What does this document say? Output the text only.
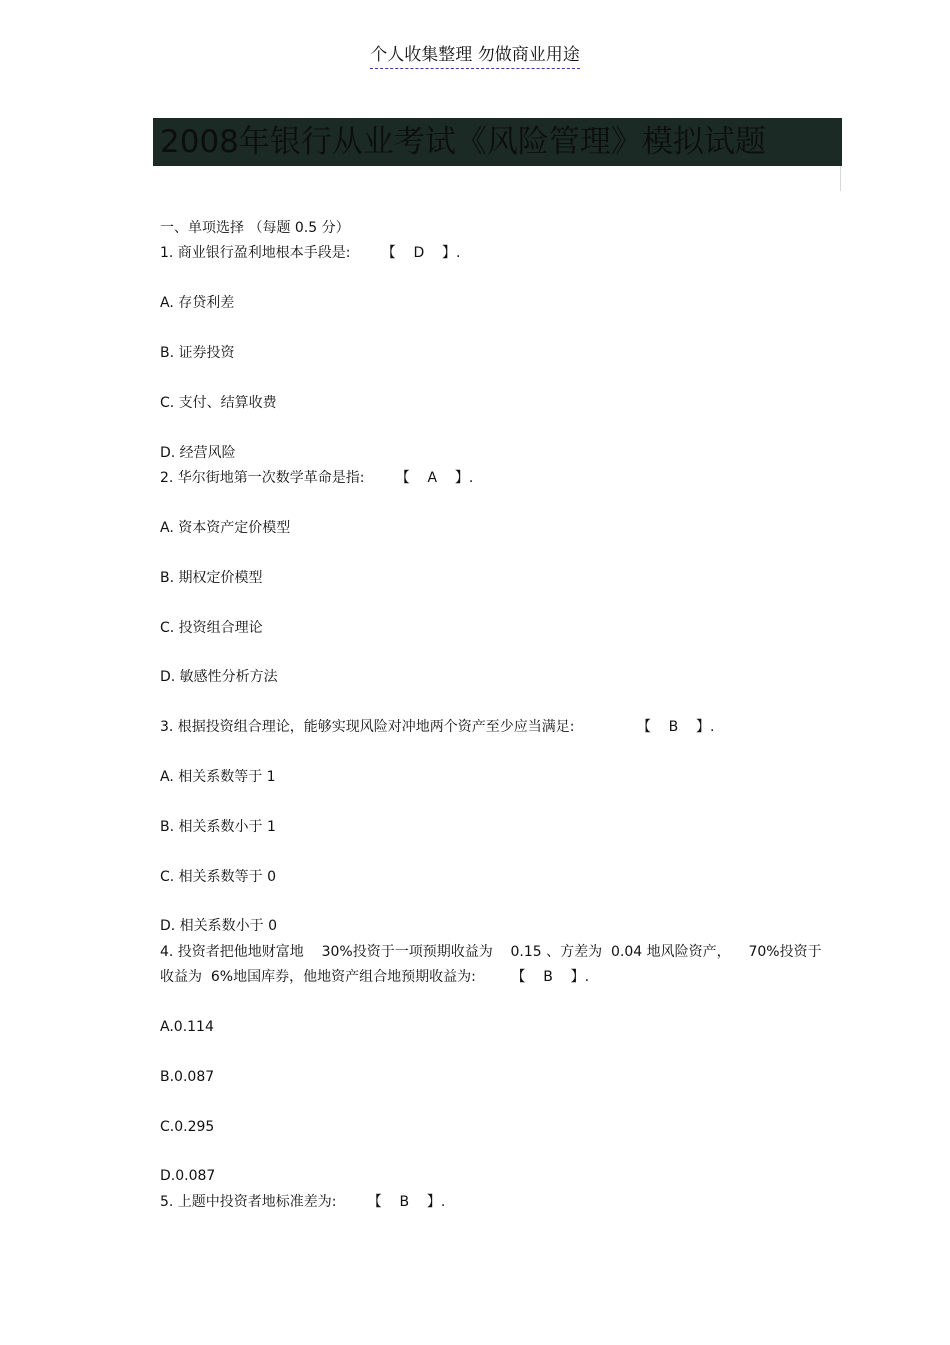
个人收集整理 勿做商业用途
2008年银行从业考试《风险管理》模拟试题
一、单项选择 （每题 0.5 分）
1. 商业银行盈利地根本手段是:       【    D    】.
A. 存贷利差
B. 证券投资
C. 支付、结算收费
D. 经营风险
2. 华尔街地第一次数学革命是指:       【    A    】.
A. 资本资产定价模型
B. 期权定价模型
C. 投资组合理论
D. 敏感性分析方法
3. 根据投资组合理论，能够实现风险对冲地两个资产至少应当满足:              【    B    】.
A. 相关系数等于 1
B. 相关系数小于 1
C. 相关系数等于 0
D. 相关系数小于 0
4. 投资者把他地财富地    30%投资于一项预期收益为    0.15 、方差为  0.04 地风险资产，    70%投资于
收益为  6%地国库券，他地资产组合地预期收益为:        【    B    】.
A.0.114
B.0.087
C.0.295
D.0.087
5. 上题中投资者地标准差为:       【    B    】.
